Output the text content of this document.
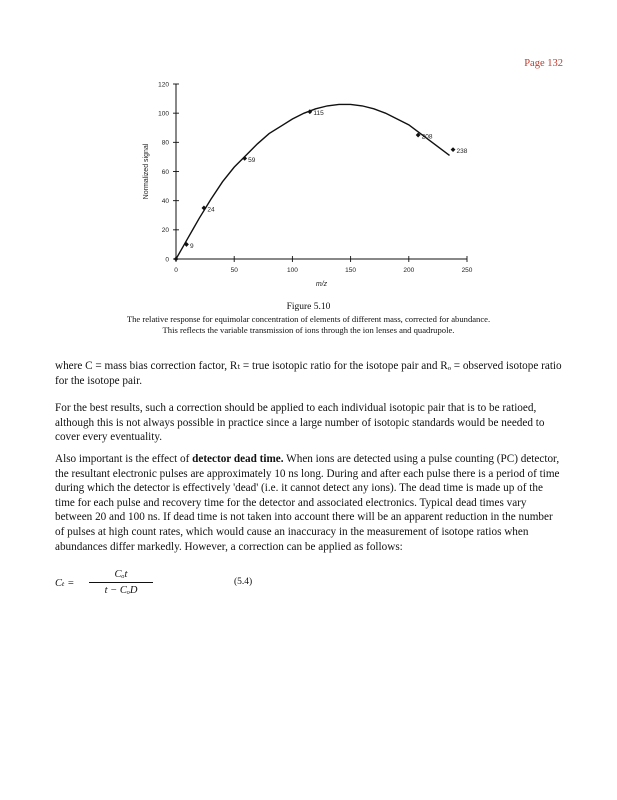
Page 132
0
20
40
60
80
100
120
0	50	100	150	200	250
m/z
Normalized signal
9
24
59
115
208
238
Figure 5.10
The relative response for equimolar concentration of elements of different mass, corrected for abundance. This reflects the variable transmission of ions through the ion lenses and quadrupole.

where C = mass bias correction factor, Rₜ = true isotopic ratio for the isotope pair and Rₒ = observed isotope ratio for the isotope pair.

For the best results, such a correction should be applied to each individual isotopic pair that is to be ratioed, although this is not always possible in practice since a large number of isotopic standards would be needed to cover every eventuality.

Also important is the effect of detector dead time. When ions are detected using a pulse counting (PC) detector, the resultant electronic pulses are approximately 10 ns long. During and after each pulse there is a period of time during which the detector is effectively 'dead' (i.e. it cannot detect any ions). The dead time is made up of the time for each pulse and recovery time for the detector and associated electronics. Typical dead times vary between 20 and 100 ns. If dead time is not taken into account there will be an apparent reduction in the number of pulses at high count rates, which would cause an inaccuracy in the measurement of isotope ratios when abundances differ markedly. However, a correction can be applied as follows:

Cₜ =
Cₒt
t − CₒD
(5.4)
